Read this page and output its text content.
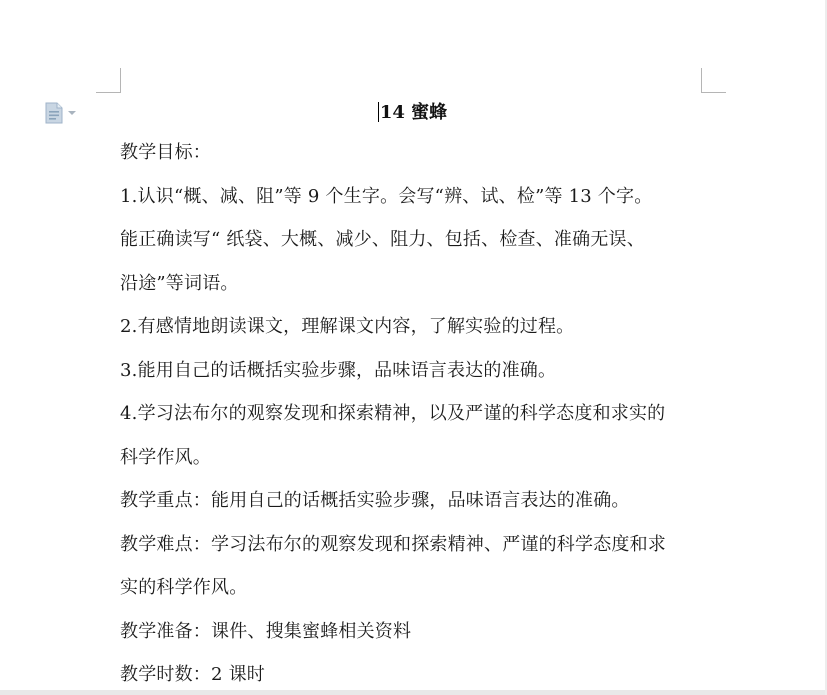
14 蜜蜂
教学目标：
1.认识“概、减、阻”等 9 个生字。会写“辨、试、检”等 13 个字。
能正确读写“ 纸袋、大概、减少、阻力、包括、检查、准确无误、
沿途”等词语。
2.有感情地朗读课文，理解课文内容，了解实验的过程。
3.能用自己的话概括实验步骤，品味语言表达的准确。
4.学习法布尔的观察发现和探索精神，以及严谨的科学态度和求实的
科学作风。
教学重点：能用自己的话概括实验步骤，品味语言表达的准确。
教学难点：学习法布尔的观察发现和探索精神、严谨的科学态度和求
实的科学作风。
教学准备：课件、搜集蜜蜂相关资料
教学时数：2 课时
